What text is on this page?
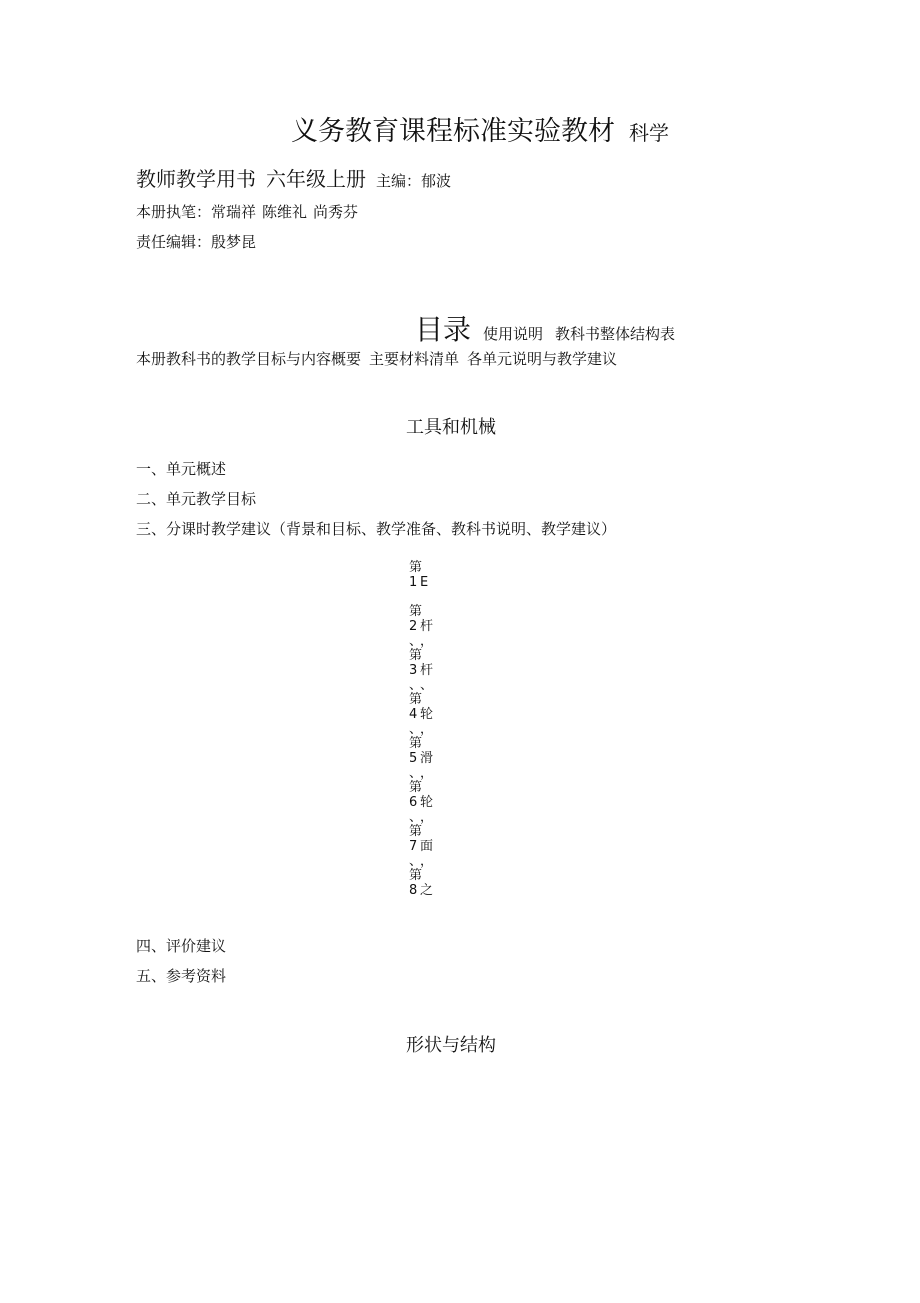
义务教育课程标准实验教材 科学
教师教学用书 六年级上册 主编：郁波
本册执笔：常瑞祥 陈维礼 尚秀芬
责任编辑：殷梦昆
目录 使用说明 教科书整体结构表
本册教科书的教学目标与内容概要 主要材料清单 各单元说明与教学建议
工具和机械
一、单元概述
二、单元教学目标
三、分课时教学建议（背景和目标、教学准备、教科书说明、教学建议）
第
1 E
第
2
、
杆
，
第
3
、
杆
、
第
4
、
轮
，
第
5
、
滑
，
第
6
、
轮
，
第
7
、
面
，
第
8 之
四、评价建议
五、参考资料
形状与结构
